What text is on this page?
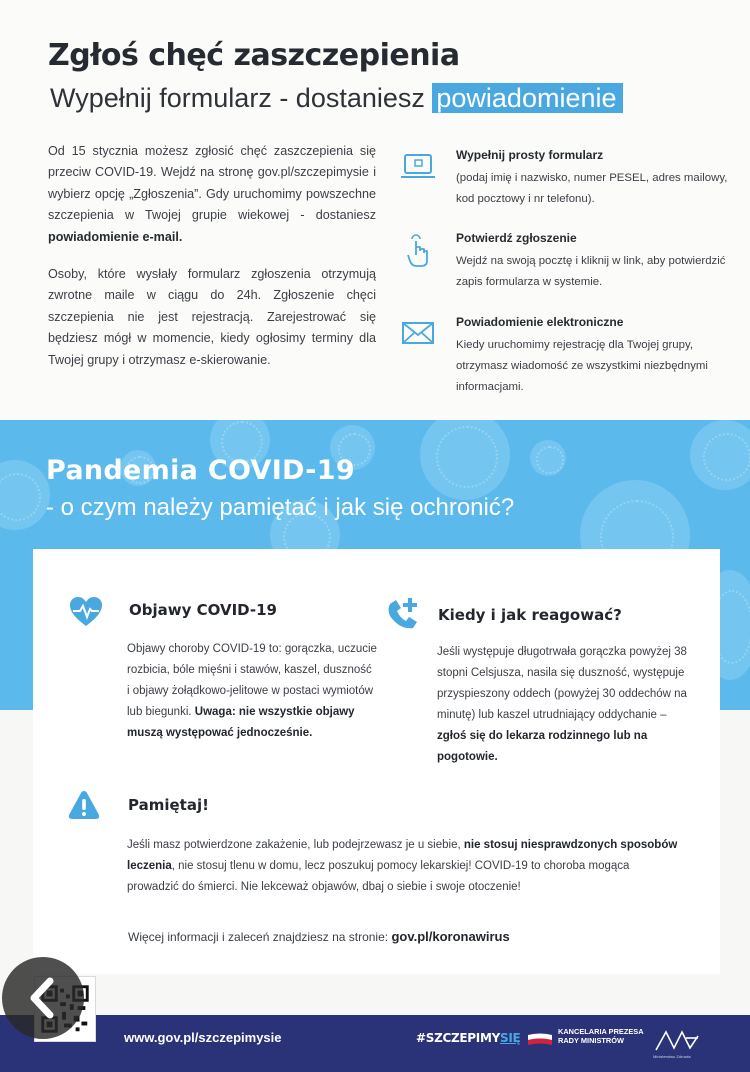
Zgłoś chęć zaszczepienia
Wypełnij formularz - dostaniesz powiadomienie

Od 15 stycznia możesz zgłosić chęć zaszczepienia się przeciw COVID-19. Wejdź na stronę gov.pl/szczepimysie i wybierz opcję „Zgłoszenia”. Gdy uruchomimy powszechne szczepienia w Twojej grupie wiekowej - dostaniesz powiadomienie e-mail.

Osoby, które wysłały formularz zgłoszenia otrzymują zwrotne maile w ciągu do 24h. Zgłoszenie chęci szczepienia nie jest rejestracją. Zarejestrować się będziesz mógł w momencie, kiedy ogłosimy terminy dla Twojej grupy i otrzymasz e-skierowanie.

Wypełnij prosty formularz
(podaj imię i nazwisko, numer PESEL, adres mailowy, kod pocztowy i nr telefonu).
Potwierdź zgłoszenie
Wejdź na swoją pocztę i kliknij w link, aby potwierdzić zapis formularza w systemie.
Powiadomienie elektroniczne
Kiedy uruchomimy rejestrację dla Twojej grupy, otrzymasz wiadomość ze wszystkimi niezbędnymi informacjami.
Pandemia COVID-19
- o czym należy pamiętać i jak się ochronić?
Objawy COVID-19

Objawy choroby COVID-19 to: gorączka, uczucie rozbicia, bóle mięśni i stawów, kaszel, duszność i objawy żołądkowo-jelitowe w postaci wymiotów lub biegunki. Uwaga: nie wszystkie objawy muszą występować jednocześnie.

Kiedy i jak reagować?

Jeśli występuje długotrwała gorączka powyżej 38 stopni Celsjusza, nasila się duszność, występuje przyspieszony oddech (powyżej 30 oddechów na minutę) lub kaszel utrudniający oddychanie – zgłoś się do lekarza rodzinnego lub na pogotowie.

Pamiętaj!

Jeśli masz potwierdzone zakażenie, lub podejrzewasz je u siebie, nie stosuj niesprawdzonych sposobów leczenia, nie stosuj tlenu w domu, lecz poszukuj pomocy lekarskiej! COVID-19 to choroba mogąca prowadzić do śmierci. Nie lekceważ objawów, dbaj o siebie i swoje otoczenie!

Więcej informacji i zaleceń znajdziesz na stronie: gov.pl/koronawirus

www.gov.pl/szczepimysie	#SZCZEPIMYSIĘ	KANCELARIA PREZESA
RADY MINISTRÓW
Ministerstwo Zdrowia
